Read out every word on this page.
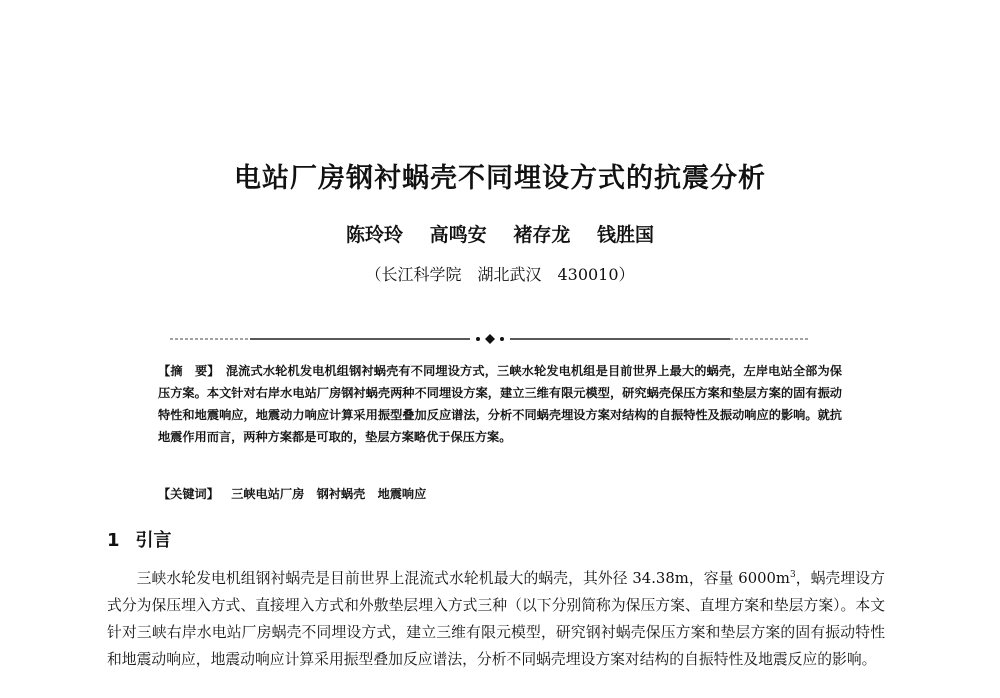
电站厂房钢衬蜗壳不同埋设方式的抗震分析
陈玲玲 高鸣安 褚存龙 钱胜国
（长江科学院　湖北武汉　430010）

【摘　要】　 混流式水轮机发电机组钢衬蜗壳有不同埋设方式，三峡水轮发电机组是目前世界上最大的蜗壳，左岸电站全部为保压方案。本文针对右岸水电站厂房钢衬蜗壳两种不同埋设方案，建立三维有限元模型，研究蜗壳保压方案和垫层方案的固有振动特性和地震响应，地震动力响应计算采用振型叠加反应谱法，分析不同蜗壳埋设方案对结构的自振特性及振动响应的影响。就抗地震作用而言，两种方案都是可取的，垫层方案略优于保压方案。

【关键词】 三峡电站厂房 钢衬蜗壳 地震响应
1 引言

三峡水轮发电机组钢衬蜗壳是目前世界上混流式水轮机最大的蜗壳，其外径 34.38m，容量 $6000m^3$，蜗壳埋设方式分为保压埋入方式、直接埋入方式和外敷垫层埋入方式三种（以下分别简称为保压方案、直埋方案和垫层方案）。本文针对三峡右岸水电站厂房蜗壳不同埋设方式，建立三维有限元模型，研究钢衬蜗壳保压方案和垫层方案的固有振动特性和地震动响应，地震动响应计算采用振型叠加反应谱法，分析不同蜗壳埋设方案对结构的自振特性及地震反应的影响。
